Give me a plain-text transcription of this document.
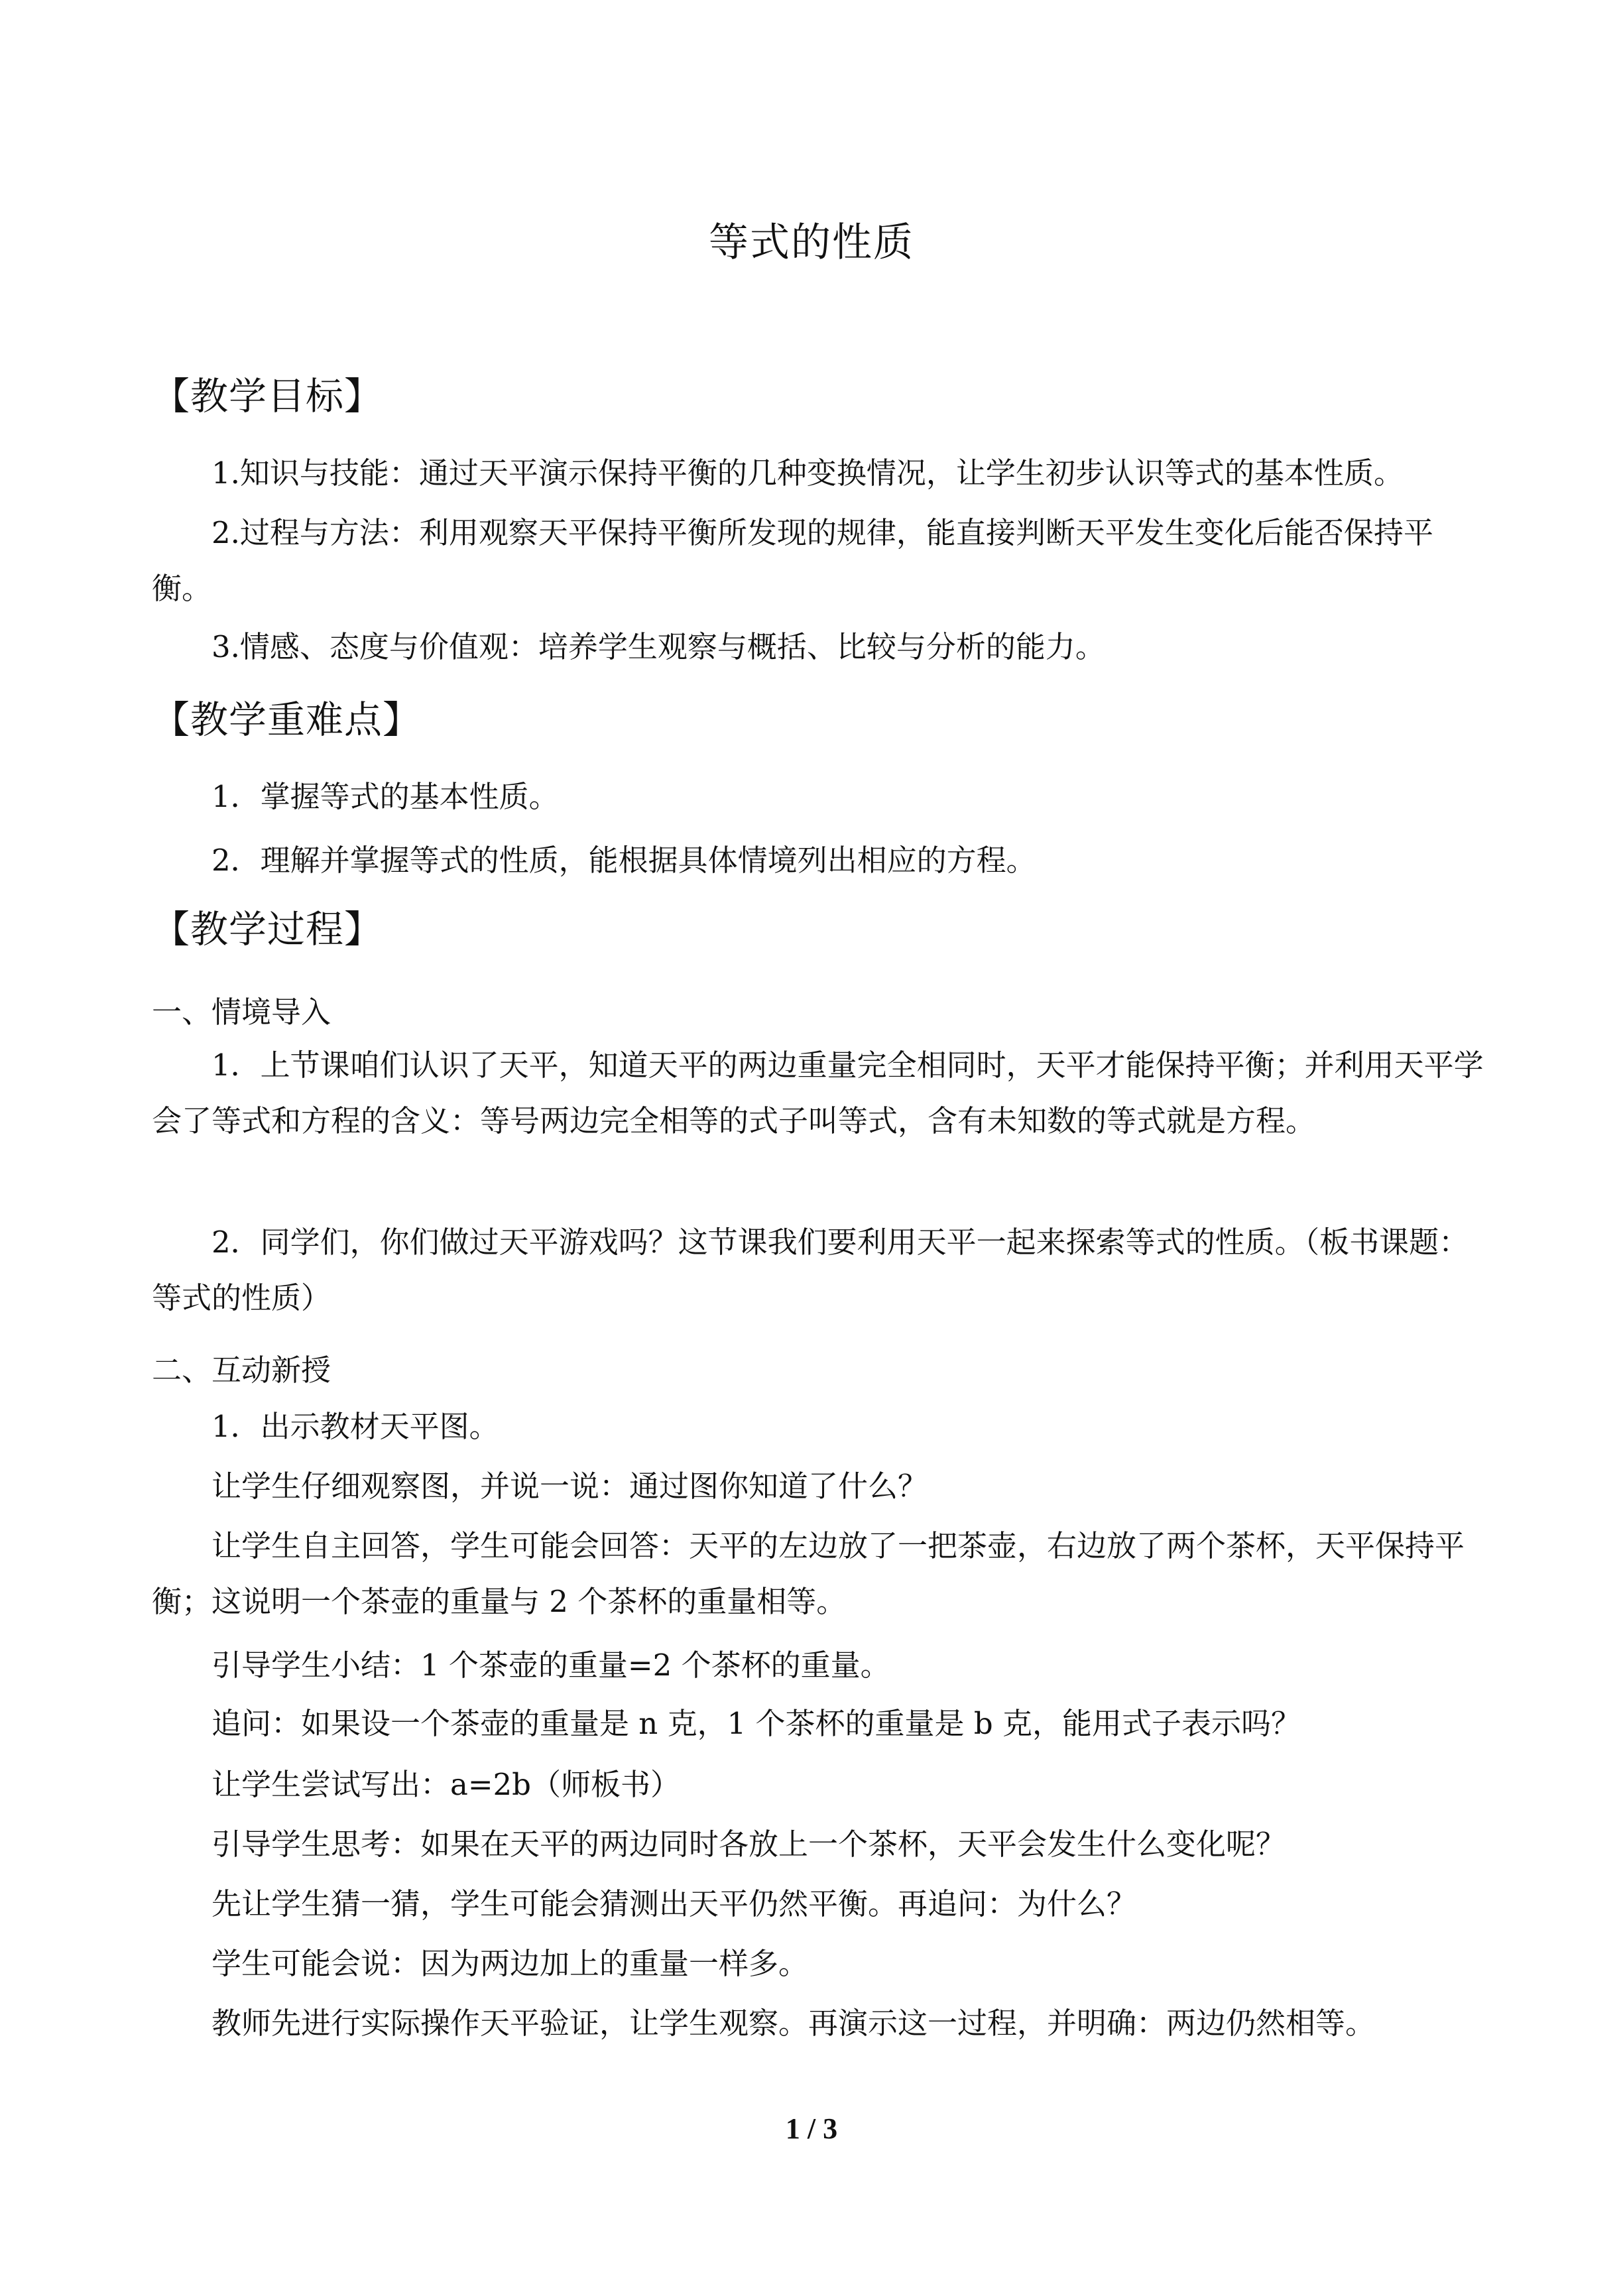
等式的性质
【教学目标】
1.知识与技能：通过天平演示保持平衡的几种变换情况，让学生初步认识等式的基本性质。
2.过程与方法：利用观察天平保持平衡所发现的规律，能直接判断天平发生变化后能否保持平衡。
3.情感、态度与价值观：培养学生观察与概括、比较与分析的能力。
【教学重难点】
1．掌握等式的基本性质。
2．理解并掌握等式的性质，能根据具体情境列出相应的方程。
【教学过程】
一、情境导入
1．上节课咱们认识了天平，知道天平的两边重量完全相同时，天平才能保持平衡；并利用天平学会了等式和方程的含义：等号两边完全相等的式子叫等式，含有未知数的等式就是方程。
2．同学们，你们做过天平游戏吗？这节课我们要利用天平一起来探索等式的性质。（板书课题：等式的性质）
二、互动新授
1．出示教材天平图。
让学生仔细观察图，并说一说：通过图你知道了什么？
让学生自主回答，学生可能会回答：天平的左边放了一把茶壶，右边放了两个茶杯，天平保持平衡；这说明一个茶壶的重量与 2 个茶杯的重量相等。
引导学生小结：1 个茶壶的重量=2 个茶杯的重量。
追问：如果设一个茶壶的重量是 n 克，1 个茶杯的重量是 b 克，能用式子表示吗？
让学生尝试写出：a=2b（师板书）
引导学生思考：如果在天平的两边同时各放上一个茶杯，天平会发生什么变化呢？
先让学生猜一猜，学生可能会猜测出天平仍然平衡。再追问：为什么？
学生可能会说：因为两边加上的重量一样多。
教师先进行实际操作天平验证，让学生观察。再演示这一过程，并明确：两边仍然相等。
1 / 3
